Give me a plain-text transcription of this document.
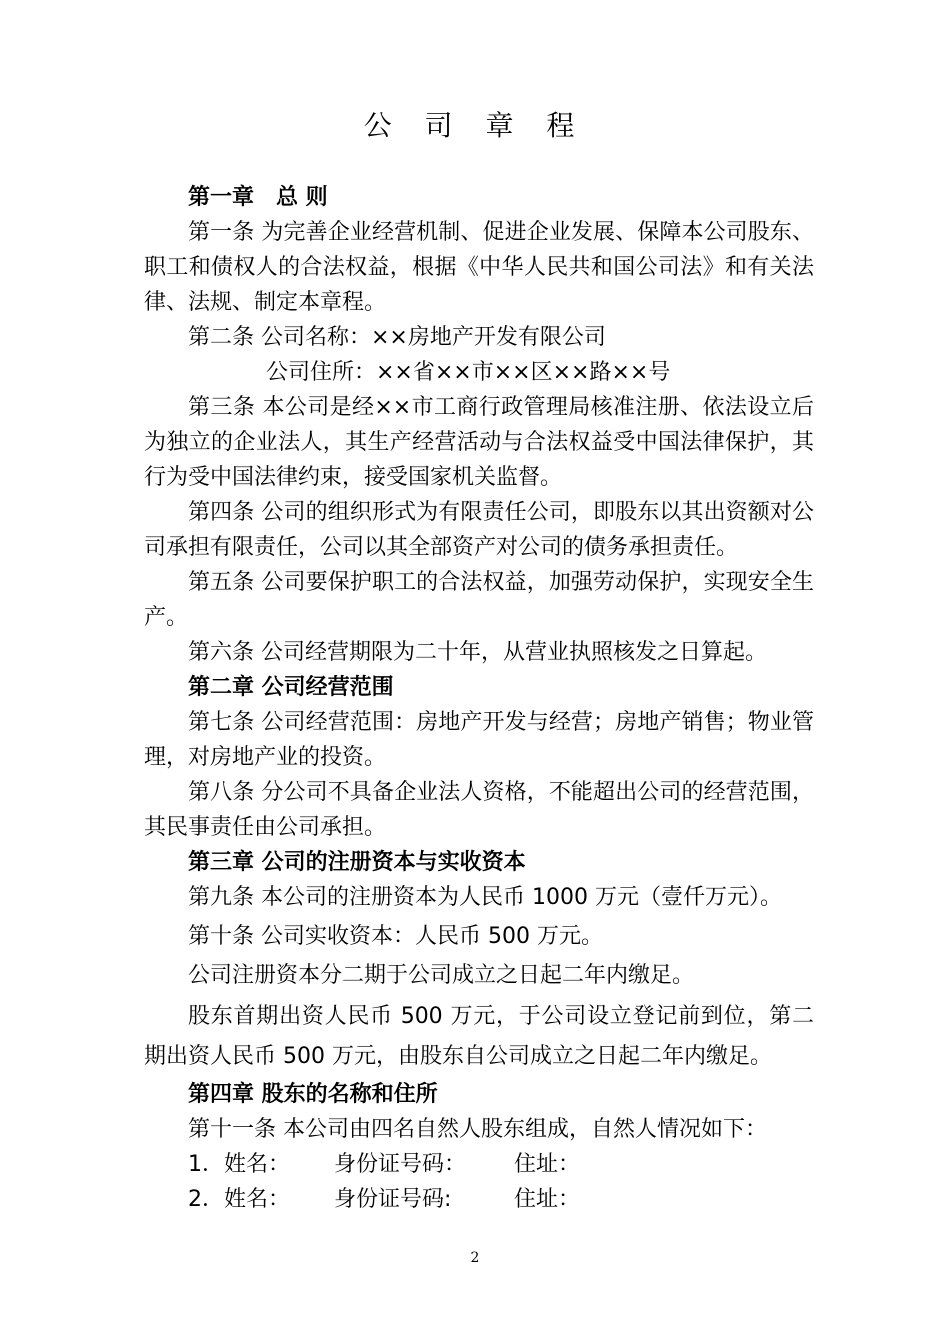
公 司 章 程

第一章　总 则

第一条 为完善企业经营机制、促进企业发展、保障本公司股东、职工和债权人的合法权益，根据《中华人民共和国公司法》和有关法律、法规、制定本章程。

第二条 公司名称：××房地产开发有限公司

公司住所：××省××市××区××路××号

第三条 本公司是经××市工商行政管理局核准注册、依法设立后为独立的企业法人，其生产经营活动与合法权益受中国法律保护，其行为受中国法律约束，接受国家机关监督。

第四条 公司的组织形式为有限责任公司，即股东以其出资额对公司承担有限责任，公司以其全部资产对公司的债务承担责任。

第五条 公司要保护职工的合法权益，加强劳动保护，实现安全生产。

第六条 公司经营期限为二十年，从营业执照核发之日算起。

第二章 公司经营范围

第七条 公司经营范围：房地产开发与经营；房地产销售；物业管理，对房地产业的投资。

第八条 分公司不具备企业法人资格，不能超出公司的经营范围，其民事责任由公司承担。

第三章 公司的注册资本与实收资本

第九条 本公司的注册资本为人民币 1000 万元（壹仟万元）。

第十条 公司实收资本：人民币 500 万元。

公司注册资本分二期于公司成立之日起二年内缴足。

股东首期出资人民币 500 万元，于公司设立登记前到位，第二期出资人民币 500 万元，由股东自公司成立之日起二年内缴足。

第四章 股东的名称和住所

第十一条 本公司由四名自然人股东组成，自然人情况如下：

1．姓名： 身份证号码： 住址：

2．姓名： 身份证号码:	住址：

2
